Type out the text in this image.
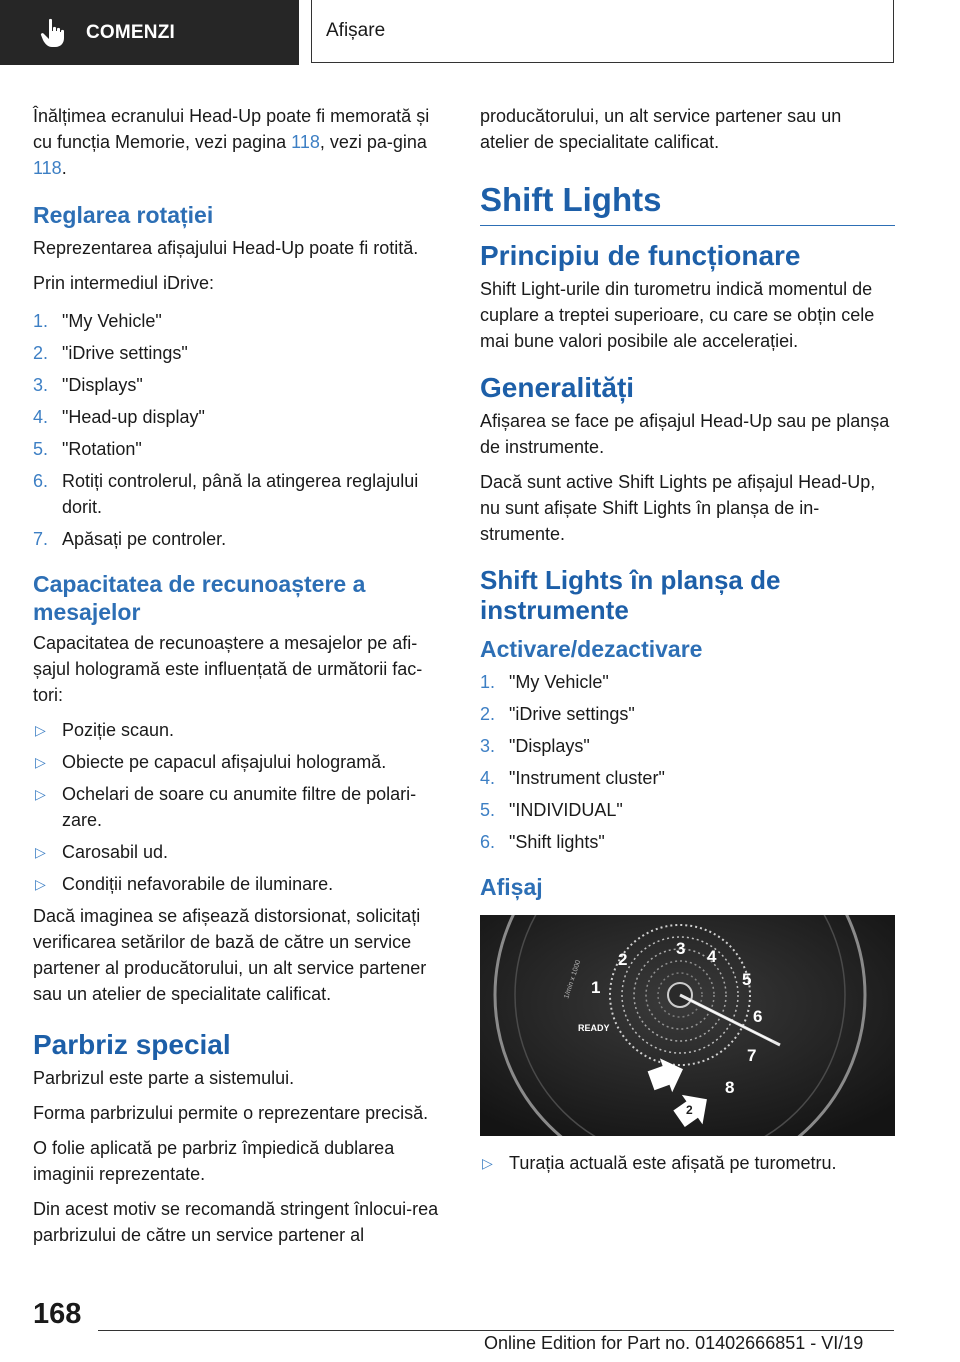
COMENZI	Afișare

Înălțimea ecranului Head-Up poate fi memorată și cu funcția Memorie, vezi pagina 118, vezi pa-gina 118.

Reglarea rotației

Reprezentarea afișajului Head-Up poate fi rotită.

Prin intermediul iDrive:

1. "My Vehicle"
2. "iDrive settings"
3. "Displays"
4. "Head-up display"
5. "Rotation"
6. Rotiți controlerul, până la atingerea reglajului dorit.
7. Apăsați pe controler.
Capacitatea de recunoaștere a mesajelor

Capacitatea de recunoaștere a mesajelor pe afi-șajul hologramă este influențată de următorii fac-tori:

▷ Poziție scaun.
▷ Obiecte pe capacul afișajului hologramă.
▷ Ochelari de soare cu anumite filtre de polari-zare.
▷ Carosabil ud.
▷ Condiții nefavorabile de iluminare.

Dacă imaginea se afișează distorsionat, solicitați verificarea setărilor de bază de către un service partener al producătorului, un alt service partener sau un atelier de specialitate calificat.

Parbriz special

Parbrizul este parte a sistemului.

Forma parbrizului permite o reprezentare precisă.

O folie aplicată pe parbriz împiedică dublarea imaginii reprezentate.

Din acest motiv se recomandă stringent înlocui-rea parbrizului de către un service partener al

producătorului, un alt service partener sau un atelier de specialitate calificat.

Shift Lights
Principiu de funcționare

Shift Light-urile din turometru indică momentul de cuplare a treptei superioare, cu care se obțin cele mai bune valori posibile ale accelerației.

Generalități

Afișarea se face pe afișajul Head-Up sau pe planșa de instrumente.

Dacă sunt active Shift Lights pe afișajul Head-Up, nu sunt afișate Shift Lights în planșa de in-strumente.

Shift Lights în planșa de instrumente
Activare/dezactivare
1. "My Vehicle"
2. "iDrive settings"
3. "Displays"
4. "Instrument cluster"
5. "INDIVIDUAL"
6. "Shift lights"
Afișaj
1
2
3 4
5
6
7
8
READY
1/min x 1000
2
▷ Turația actuală este afișată pe turometru.
168
Online Edition for Part no. 01402666851 - VI/19
